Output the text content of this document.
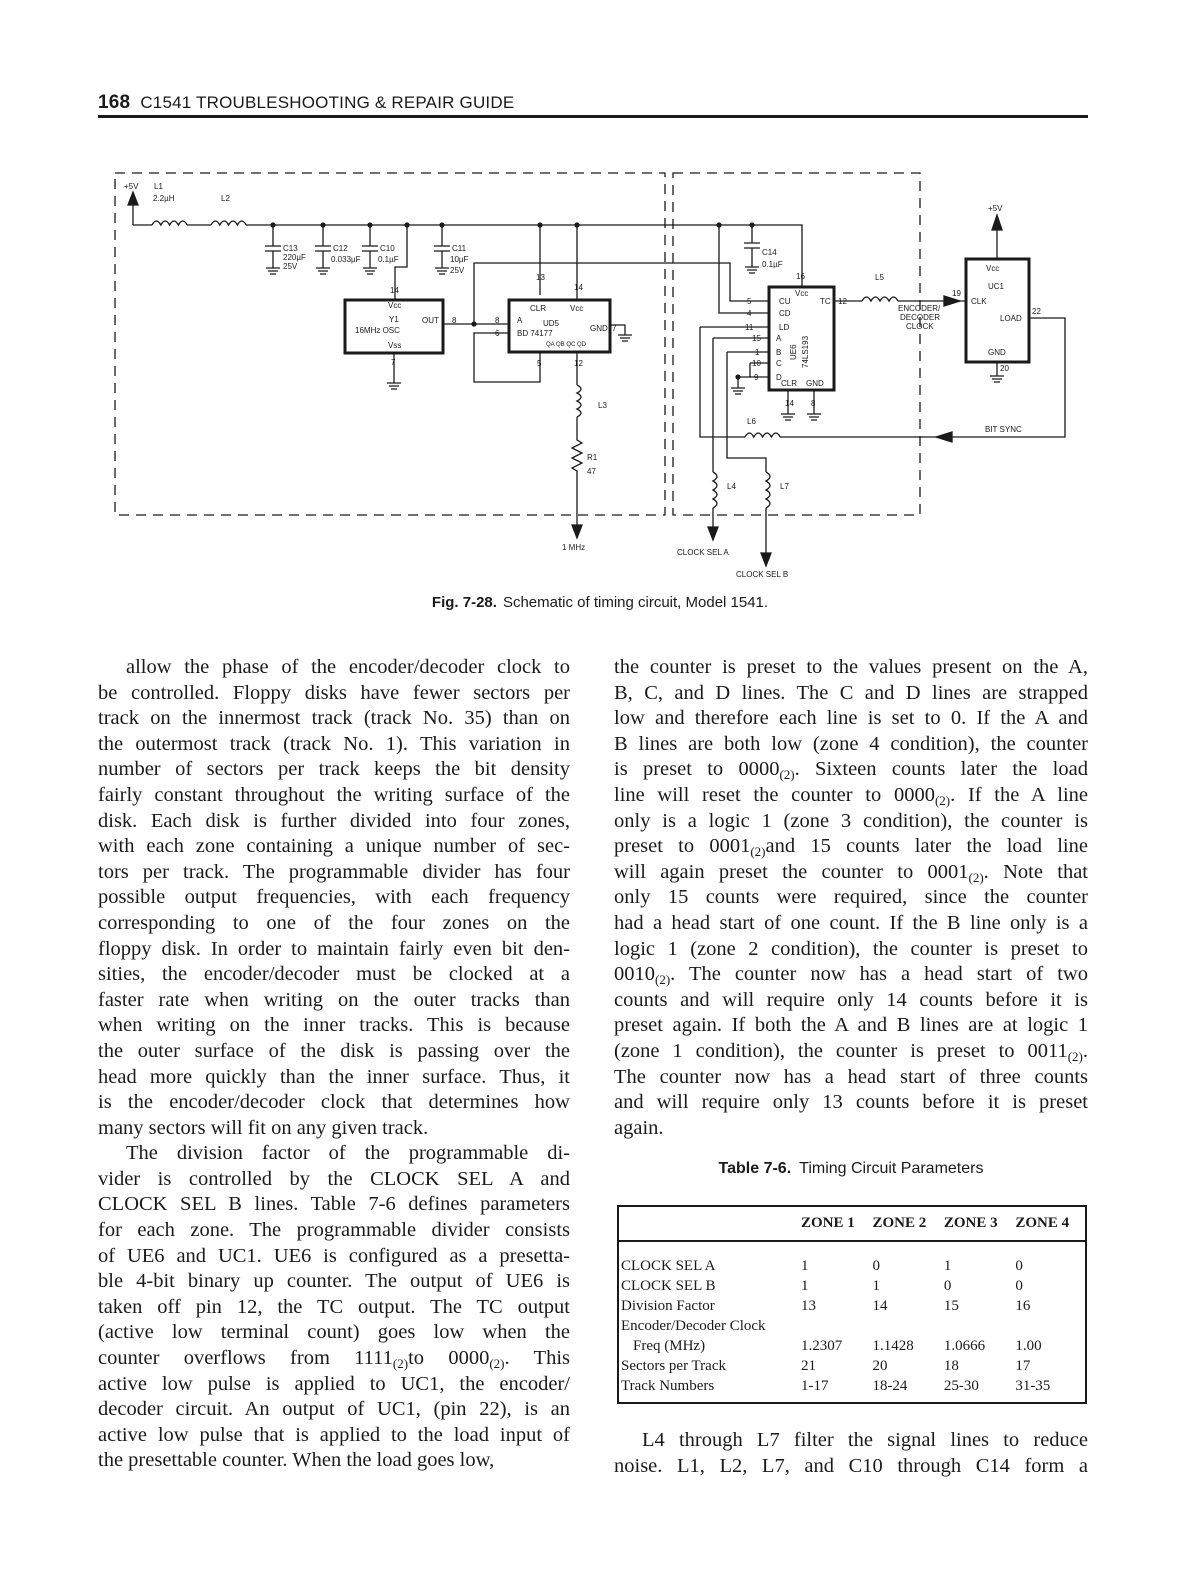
168 C1541 TROUBLESHOOTING & REPAIR GUIDE
+5V L1
2.2µH	L2
C13
220µF
25V
C12
0.033µF
C10
0.1µF
C11
10µF
25V
14
Vcc
Y1
16MHz OSC
Vss
7
OUT 8
13
14
CLR	Vcc
A	UD5
BD 74177
GND 7
8
6
5	12
L3
R1
47
1 MHz
C14
0.1µF
16
Vcc
CU
CD
LD
A
B
C
D
CLR GND
UE6 74LS193
TC 12
5
4
11
15
1
10
9
14 8
L5
ENCODER/
DECODER
CLOCK
19
+5V
Vcc
UC1
CLK
LOAD
22
GND
20
BIT SYNC
L6
L4	L7
CLOCK SEL A
CLOCK SEL B
QA QB QC QD
Fig. 7-28. Schematic of timing circuit, Model 1541.
allow the phase of the encoder/decoder clock to
be controlled. Floppy disks have fewer sectors per
track on the innermost track (track No. 35) than on
the outermost track (track No. 1). This variation in
number of sectors per track keeps the bit density
fairly constant throughout the writing surface of the
disk. Each disk is further divided into four zones,
with each zone containing a unique number of sec-
tors per track. The programmable divider has four
possible output frequencies, with each frequency
corresponding to one of the four zones on the
floppy disk. In order to maintain fairly even bit den-
sities, the encoder/decoder must be clocked at a
faster rate when writing on the outer tracks than
when writing on the inner tracks. This is because
the outer surface of the disk is passing over the
head more quickly than the inner surface. Thus, it
is the encoder/decoder clock that determines how
many sectors will fit on any given track.
The division factor of the programmable di-
vider is controlled by the CLOCK SEL A and
CLOCK SEL B lines. Table 7-6 defines parameters
for each zone. The programmable divider consists
of UE6 and UC1. UE6 is configured as a presetta-
ble 4-bit binary up counter. The output of UE6 is
taken off pin 12, the TC output. The TC output
(active low terminal count) goes low when the
counter overflows from $1111_{(2)}to$ $0000_{(2)}$. This
active low pulse is applied to UC1, the encoder/
decoder circuit. An output of UC1, (pin 22), is an
active low pulse that is applied to the load input of
the presettable counter. When the load goes low,
the counter is preset to the values present on the A,
B, C, and D lines. The C and D lines are strapped
low and therefore each line is set to 0. If the A and
B lines are both low (zone 4 condition), the counter
is preset to $0000_{(2)}$. Sixteen counts later the load
line will reset the counter to $0000_{(2)}$. If the A line
only is a logic 1 (zone 3 condition), the counter is
preset to $0001_{(2)}and$ 15 counts later the load line
will again preset the counter to $0001_{(2)}$. Note that
only 15 counts were required, since the counter
had a head start of one count. If the B line only is a
logic 1 (zone 2 condition), the counter is preset to
$0010_{(2)}$. The counter now has a head start of two
counts and will require only 14 counts before it is
preset again. If both the A and B lines are at logic 1
(zone 1 condition), the counter is preset to $0011_{(2)}$.
The counter now has a head start of three counts
and will require only 13 counts before it is preset
again.
L4 through L7 filter the signal lines to reduce
noise. L1, L2, L7, and C10 through C14 form a
Table 7-6. Timing Circuit Parameters
	ZONE 1	ZONE 2	ZONE 3	ZONE 4
CLOCK SEL A	1	0	1	0
CLOCK SEL B	1	1	0	0
Division Factor	13	14	15	16
Encoder/Decoder Clock				
Freq (MHz)	1.2307	1.1428	1.0666	1.00
Sectors per Track	21	20	18	17
Track Numbers	1-17	18-24	25-30	31-35
